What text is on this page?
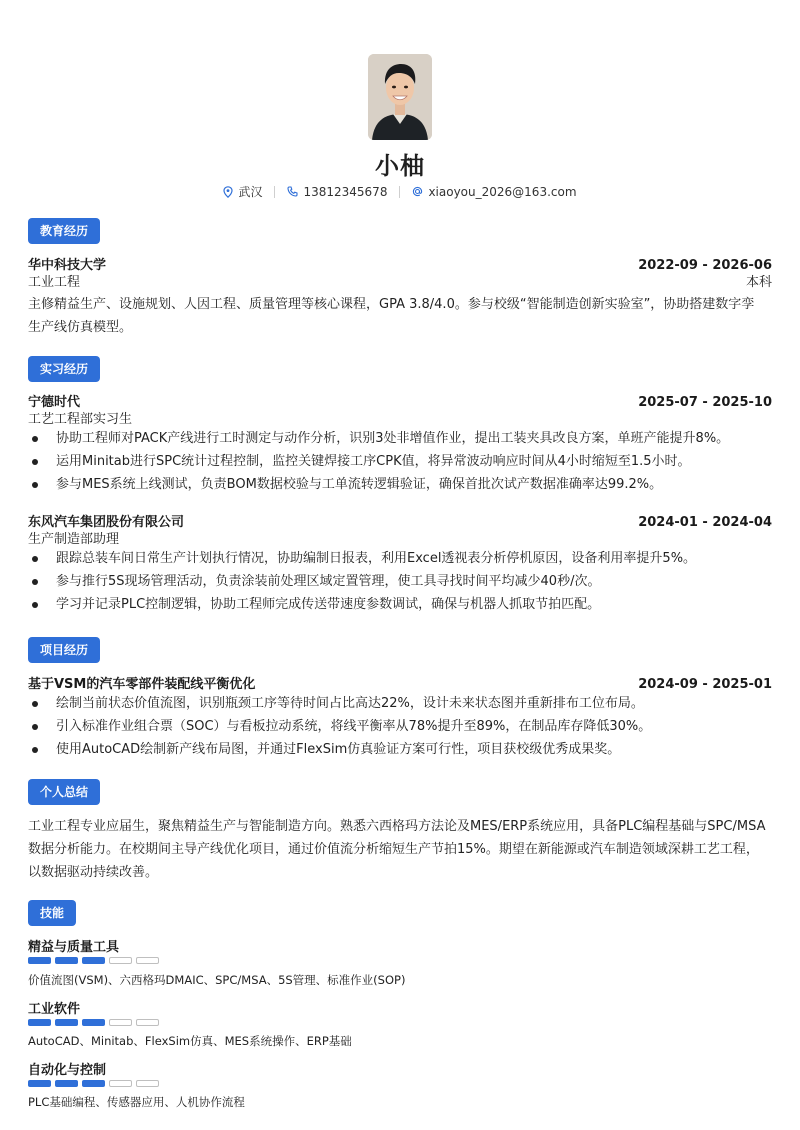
小柚
武汉	13812345678	xiaoyou_2026@163.com
教育经历
华中科技大学	2022-09 - 2026-06
工业工程	本科
主修精益生产、设施规划、人因工程、质量管理等核心课程，GPA 3.8/4.0。参与校级“智能制造创新实验室”，协助搭建数字孪
生产线仿真模型。
实习经历
宁德时代	2025-07 - 2025-10
工艺工程部实习生
协助工程师对PACK产线进行工时测定与动作分析，识别3处非增值作业，提出工装夹具改良方案，单班产能提升8%。
运用Minitab进行SPC统计过程控制，监控关键焊接工序CPK值，将异常波动响应时间从4小时缩短至1.5小时。
参与MES系统上线测试，负责BOM数据校验与工单流转逻辑验证，确保首批次试产数据准确率达99.2%。
东风汽车集团股份有限公司	2024-01 - 2024-04
生产制造部助理
跟踪总装车间日常生产计划执行情况，协助编制日报表，利用Excel透视表分析停机原因，设备利用率提升5%。
参与推行5S现场管理活动，负责涂装前处理区域定置管理，使工具寻找时间平均减少40秒/次。
学习并记录PLC控制逻辑，协助工程师完成传送带速度参数调试，确保与机器人抓取节拍匹配。
项目经历
基于VSM的汽车零部件装配线平衡优化	2024-09 - 2025-01
绘制当前状态价值流图，识别瓶颈工序等待时间占比高达22%，设计未来状态图并重新排布工位布局。
引入标准作业组合票（SOC）与看板拉动系统，将线平衡率从78%提升至89%，在制品库存降低30%。
使用AutoCAD绘制新产线布局图，并通过FlexSim仿真验证方案可行性，项目获校级优秀成果奖。
个人总结
工业工程专业应届生，聚焦精益生产与智能制造方向。熟悉六西格玛方法论及MES/ERP系统应用，具备PLC编程基础与SPC/MSA
数据分析能力。在校期间主导产线优化项目，通过价值流分析缩短生产节拍15%。期望在新能源或汽车制造领域深耕工艺工程，
以数据驱动持续改善。
技能
精益与质量工具
价值流图(VSM)、六西格玛DMAIC、SPC/MSA、5S管理、标准作业(SOP)
工业软件
AutoCAD、Minitab、FlexSim仿真、MES系统操作、ERP基础
自动化与控制
PLC基础编程、传感器应用、人机协作流程
